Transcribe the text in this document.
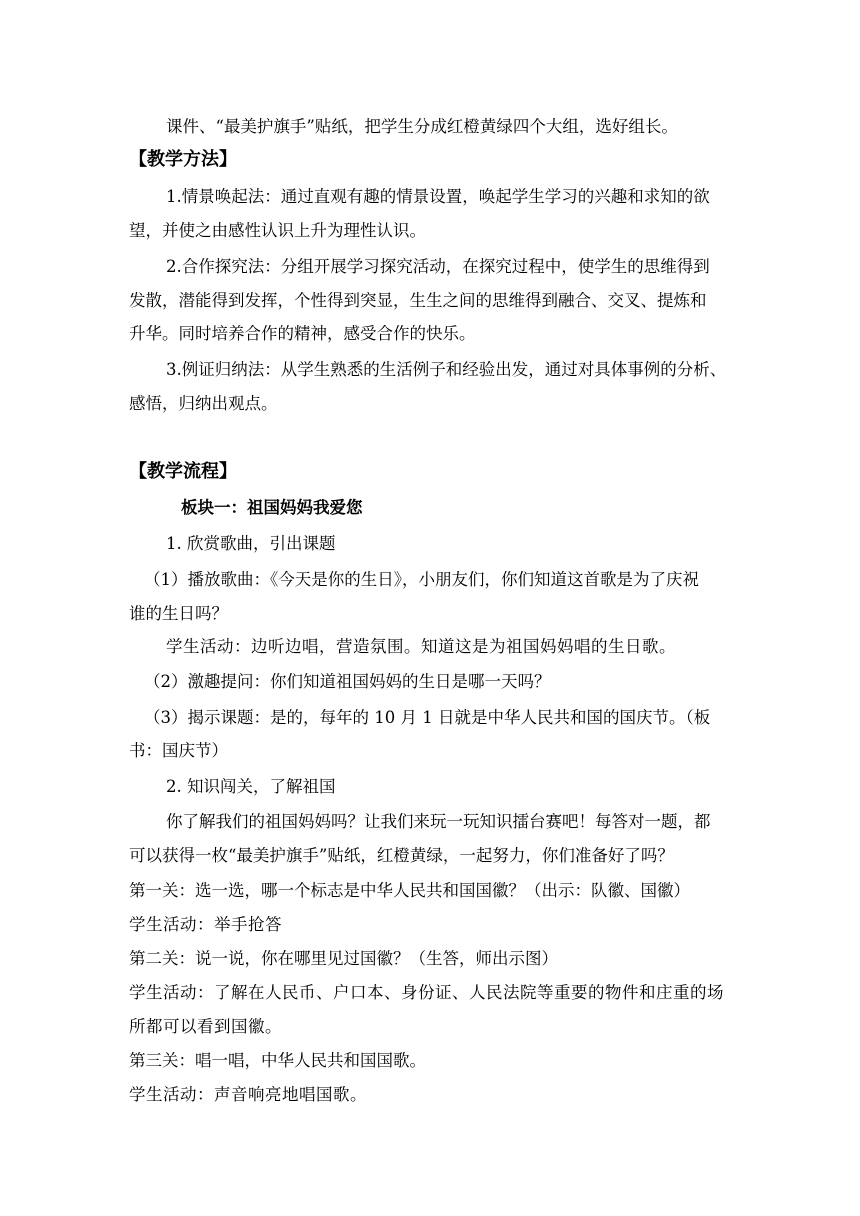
课件、“最美护旗手”贴纸，把学生分成红橙黄绿四个大组，选好组长。
【教学方法】
1.情景唤起法：通过直观有趣的情景设置，唤起学生学习的兴趣和求知的欲
望，并使之由感性认识上升为理性认识。
2.合作探究法：分组开展学习探究活动，在探究过程中，使学生的思维得到
发散，潜能得到发挥，个性得到突显，生生之间的思维得到融合、交叉、提炼和
升华。同时培养合作的精神，感受合作的快乐。
3.例证归纳法：从学生熟悉的生活例子和经验出发，通过对具体事例的分析、
感悟，归纳出观点。
【教学流程】
板块一：祖国妈妈我爱您
1. 欣赏歌曲，引出课题
（1）播放歌曲：《今天是你的生日》，小朋友们，你们知道这首歌是为了庆祝
谁的生日吗？
学生活动：边听边唱，营造氛围。知道这是为祖国妈妈唱的生日歌。
（2）激趣提问：你们知道祖国妈妈的生日是哪一天吗？
（3）揭示课题：是的，每年的 10 月 1 日就是中华人民共和国的国庆节。（板
书：国庆节）
2. 知识闯关，了解祖国
你了解我们的祖国妈妈吗？让我们来玩一玩知识擂台赛吧！每答对一题，都
可以获得一枚“最美护旗手”贴纸，红橙黄绿，一起努力，你们准备好了吗？
第一关：选一选，哪一个标志是中华人民共和国国徽？（出示：队徽、国徽）
学生活动：举手抢答
第二关：说一说，你在哪里见过国徽？（生答，师出示图）
学生活动：了解在人民币、户口本、身份证、人民法院等重要的物件和庄重的场
所都可以看到国徽。
第三关：唱一唱，中华人民共和国国歌。
学生活动：声音响亮地唱国歌。
